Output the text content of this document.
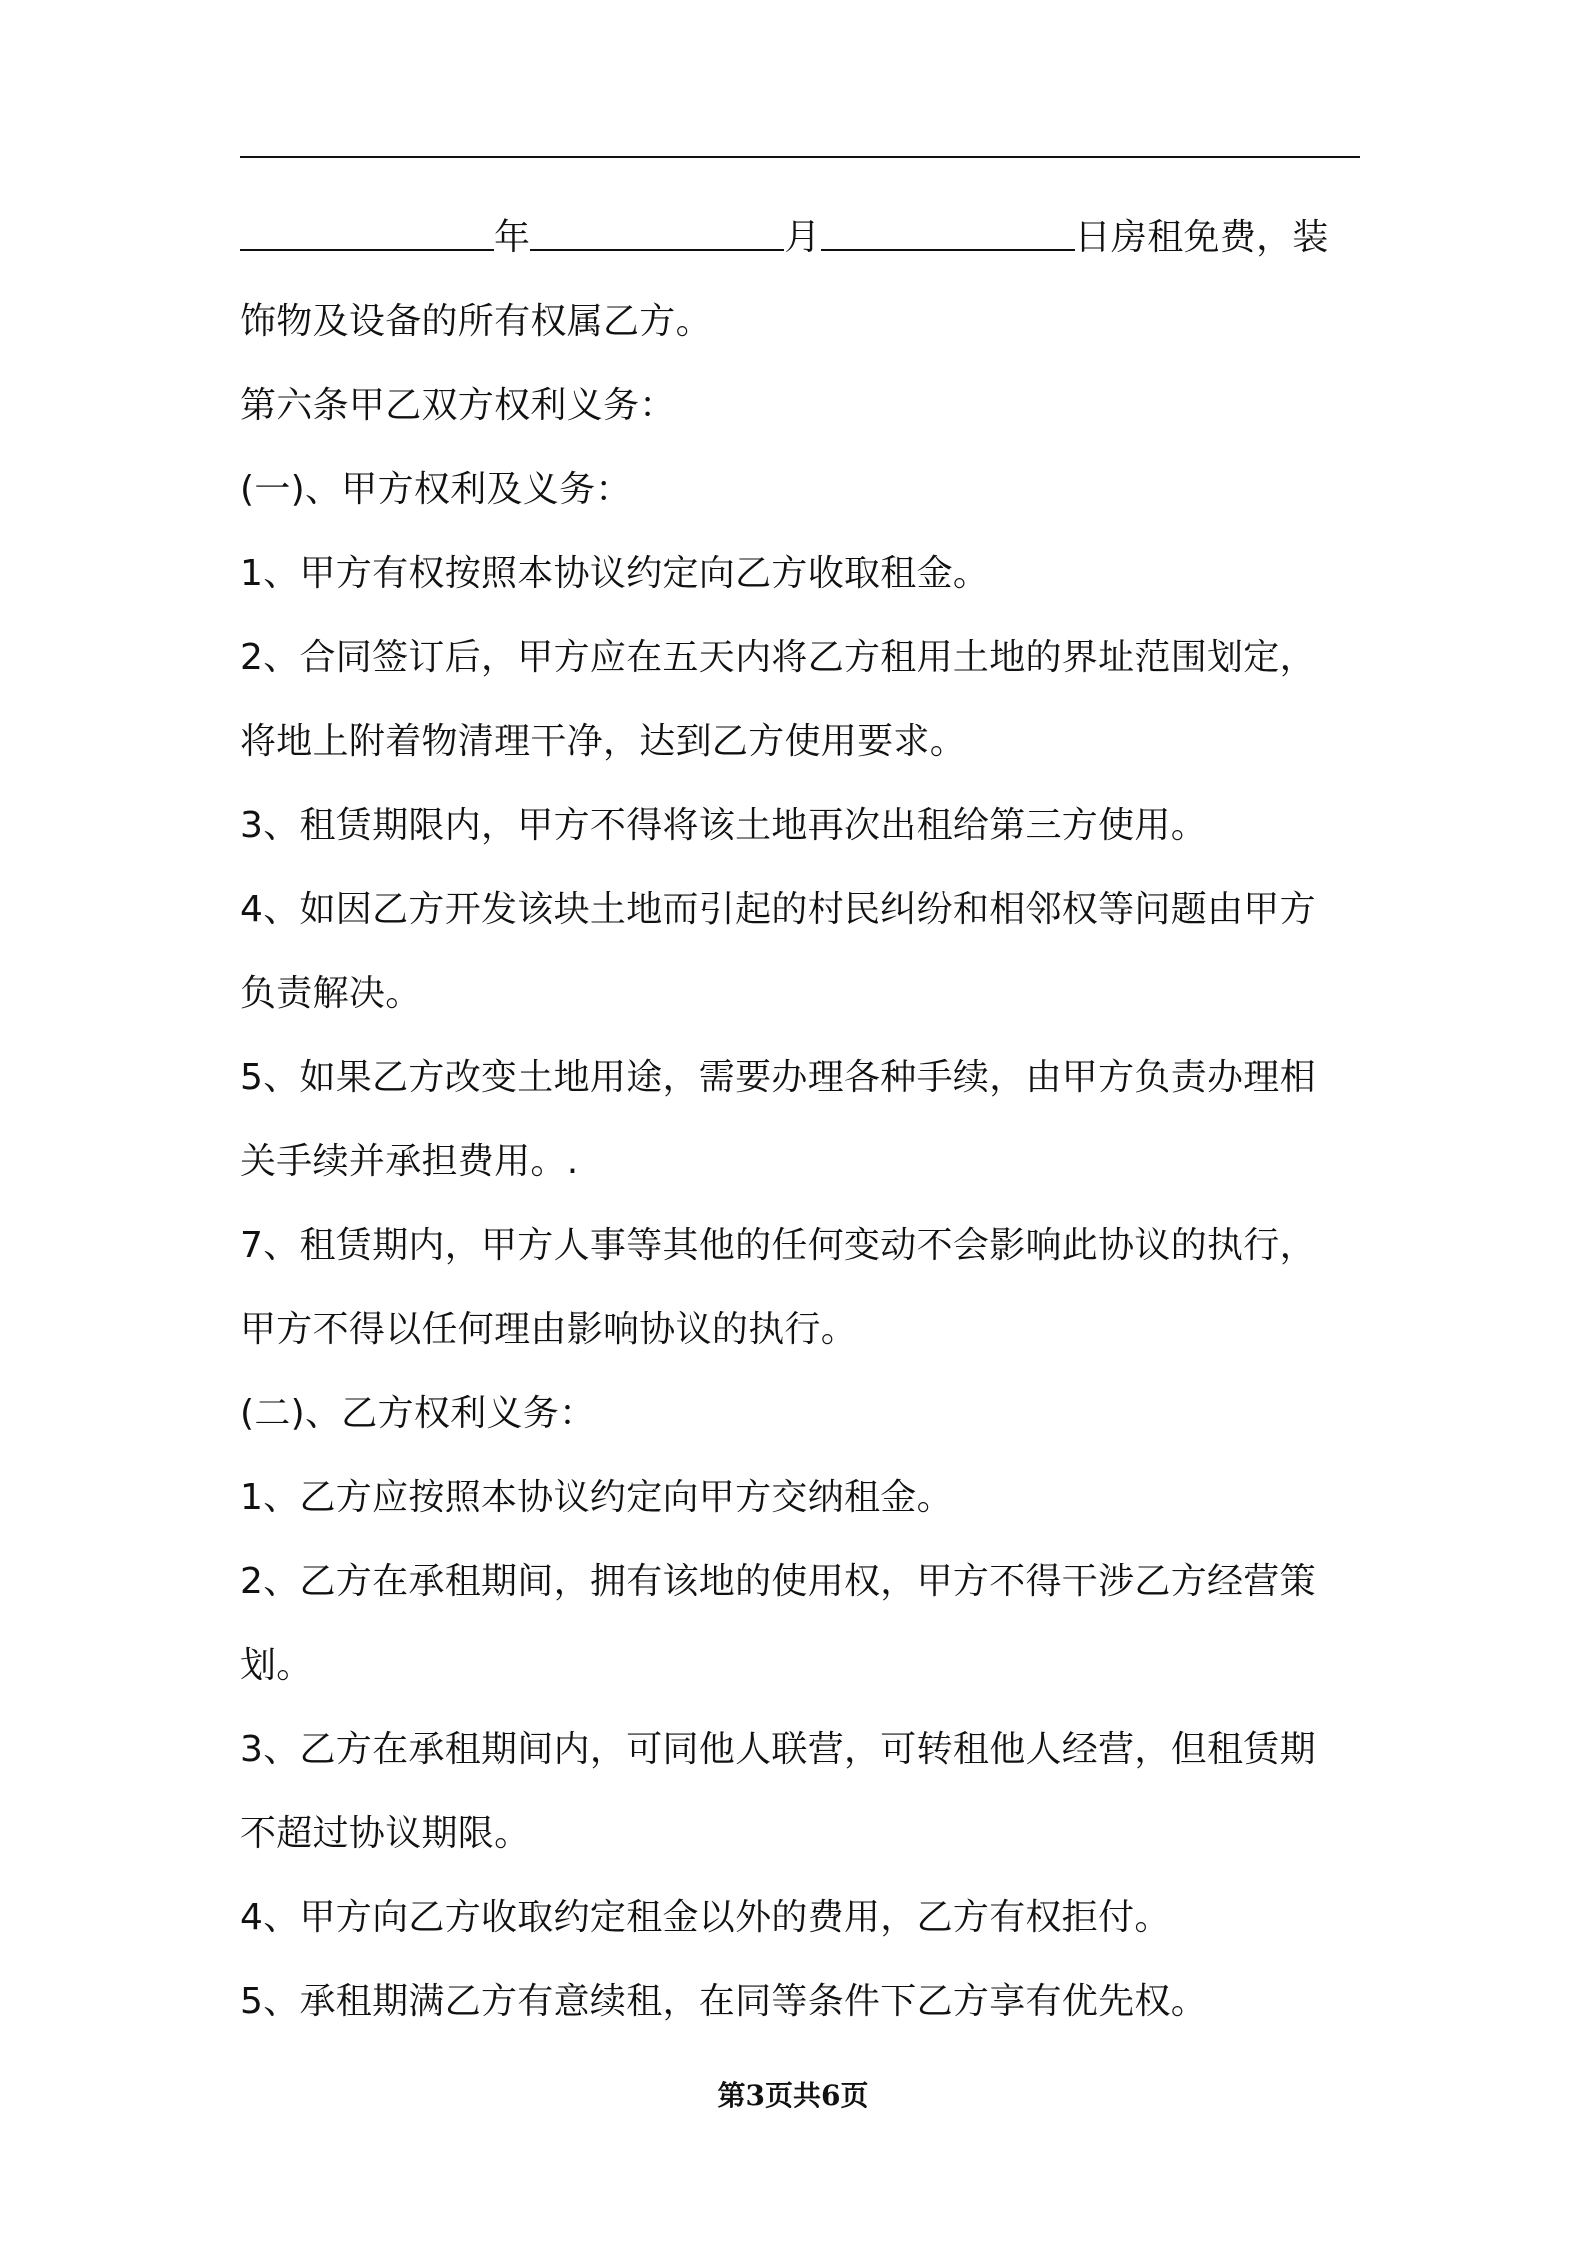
年	月	日房租免费，装
饰物及设备的所有权属乙方。
第六条甲乙双方权利义务：
(一)、甲方权利及义务：
1、甲方有权按照本协议约定向乙方收取租金。
2、合同签订后，甲方应在五天内将乙方租用土地的界址范围划定，
将地上附着物清理干净，达到乙方使用要求。
3、租赁期限内，甲方不得将该土地再次出租给第三方使用。
4、如因乙方开发该块土地而引起的村民纠纷和相邻权等问题由甲方
负责解决。
5、如果乙方改变土地用途，需要办理各种手续，由甲方负责办理相
关手续并承担费用。.
7、租赁期内，甲方人事等其他的任何变动不会影响此协议的执行，
甲方不得以任何理由影响协议的执行。
(二)、乙方权利义务：
1、乙方应按照本协议约定向甲方交纳租金。
2、乙方在承租期间，拥有该地的使用权，甲方不得干涉乙方经营策
划。
3、乙方在承租期间内，可同他人联营，可转租他人经营，但租赁期
不超过协议期限。
4、甲方向乙方收取约定租金以外的费用，乙方有权拒付。
5、承租期满乙方有意续租，在同等条件下乙方享有优先权。
第3页共6页
